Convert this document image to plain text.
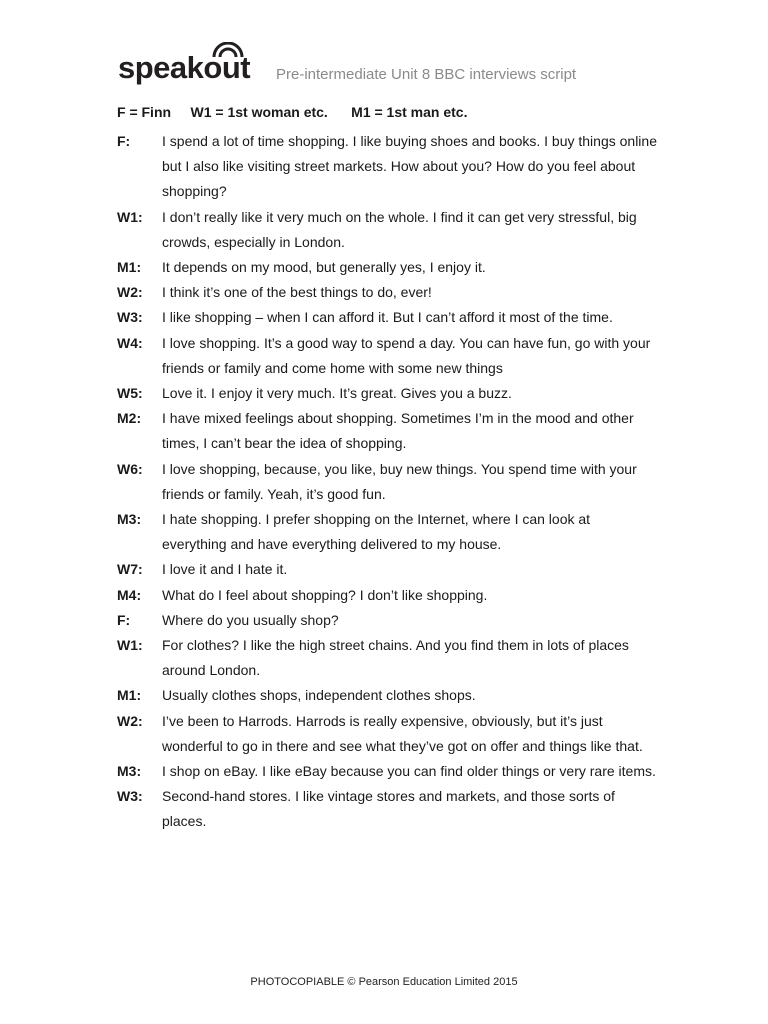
speakout Pre-intermediate Unit 8 BBC interviews script
F = Finn     W1 = 1st woman etc.      M1 = 1st man etc.
F:	I spend a lot of time shopping. I like buying shoes and books. I buy things online but I also like visiting street markets. How about you? How do you feel about shopping?
W1:	I don’t really like it very much on the whole. I find it can get very stressful, big crowds, especially in London.
M1:	It depends on my mood, but generally yes, I enjoy it.
W2:	I think it’s one of the best things to do, ever!
W3:	I like shopping – when I can afford it. But I can’t afford it most of the time.
W4:	I love shopping. It’s a good way to spend a day. You can have fun, go with your friends or family and come home with some new things
W5:	Love it. I enjoy it very much. It’s great. Gives you a buzz.
M2:	I have mixed feelings about shopping. Sometimes I’m in the mood and other times, I can’t bear the idea of shopping.
W6:	I love shopping, because, you like, buy new things. You spend time with your friends or family. Yeah, it’s good fun.
M3:	I hate shopping. I prefer shopping on the Internet, where I can look at everything and have everything delivered to my house.
W7:	I love it and I hate it.
M4:	What do I feel about shopping? I don’t like shopping.
F:	Where do you usually shop?
W1:	For clothes? I like the high street chains. And you find them in lots of places around London.
M1:	Usually clothes shops, independent clothes shops.
W2:	I’ve been to Harrods. Harrods is really expensive, obviously, but it’s just wonderful to go in there and see what they’ve got on offer and things like that.
M3:	I shop on eBay. I like eBay because you can find older things or very rare items.
W3:	Second-hand stores. I like vintage stores and markets, and those sorts of places.
PHOTOCOPIABLE © Pearson Education Limited 2015
